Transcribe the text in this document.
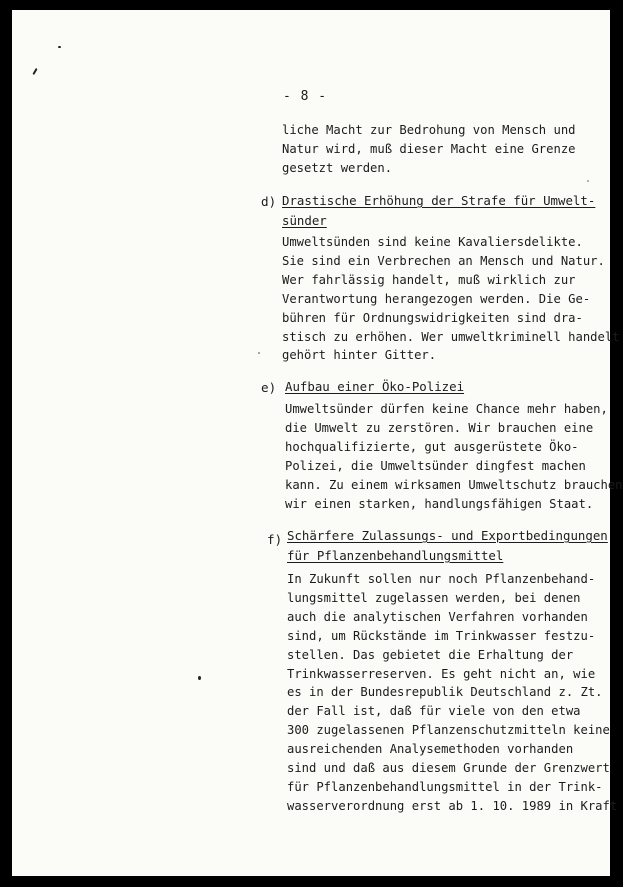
- 8 -
liche Macht zur Bedrohung von Mensch und
Natur wird, muß dieser Macht eine Grenze
gesetzt werden.
d) Drastische Erhöhung der Strafe für Umwelt-
sünder
Umweltsünden sind keine Kavaliersdelikte.
Sie sind ein Verbrechen an Mensch und Natur.
Wer fahrlässig handelt, muß wirklich zur
Verantwortung herangezogen werden. Die Ge-
bühren für Ordnungswidrigkeiten sind dra-
stisch zu erhöhen. Wer umweltkriminell handelt
gehört hinter Gitter.
e) Aufbau einer Öko-Polizei
Umweltsünder dürfen keine Chance mehr haben,
die Umwelt zu zerstören. Wir brauchen eine
hochqualifizierte, gut ausgerüstete Öko-
Polizei, die Umweltsünder dingfest machen
kann. Zu einem wirksamen Umweltschutz brauchen
wir einen starken, handlungsfähigen Staat.
f) Schärfere Zulassungs- und Exportbedingungen
für Pflanzenbehandlungsmittel
In Zukunft sollen nur noch Pflanzenbehand-
lungsmittel zugelassen werden, bei denen
auch die analytischen Verfahren vorhanden
sind, um Rückstände im Trinkwasser festzu-
stellen. Das gebietet die Erhaltung der
Trinkwasserreserven. Es geht nicht an, wie
es in der Bundesrepublik Deutschland z. Zt.
der Fall ist, daß für viele von den etwa
300 zugelassenen Pflanzenschutzmitteln keine
ausreichenden Analysemethoden vorhanden
sind und daß aus diesem Grunde der Grenzwert
für Pflanzenbehandlungsmittel in der Trink-
wasserverordnung erst ab 1. 10. 1989 in Kraft
